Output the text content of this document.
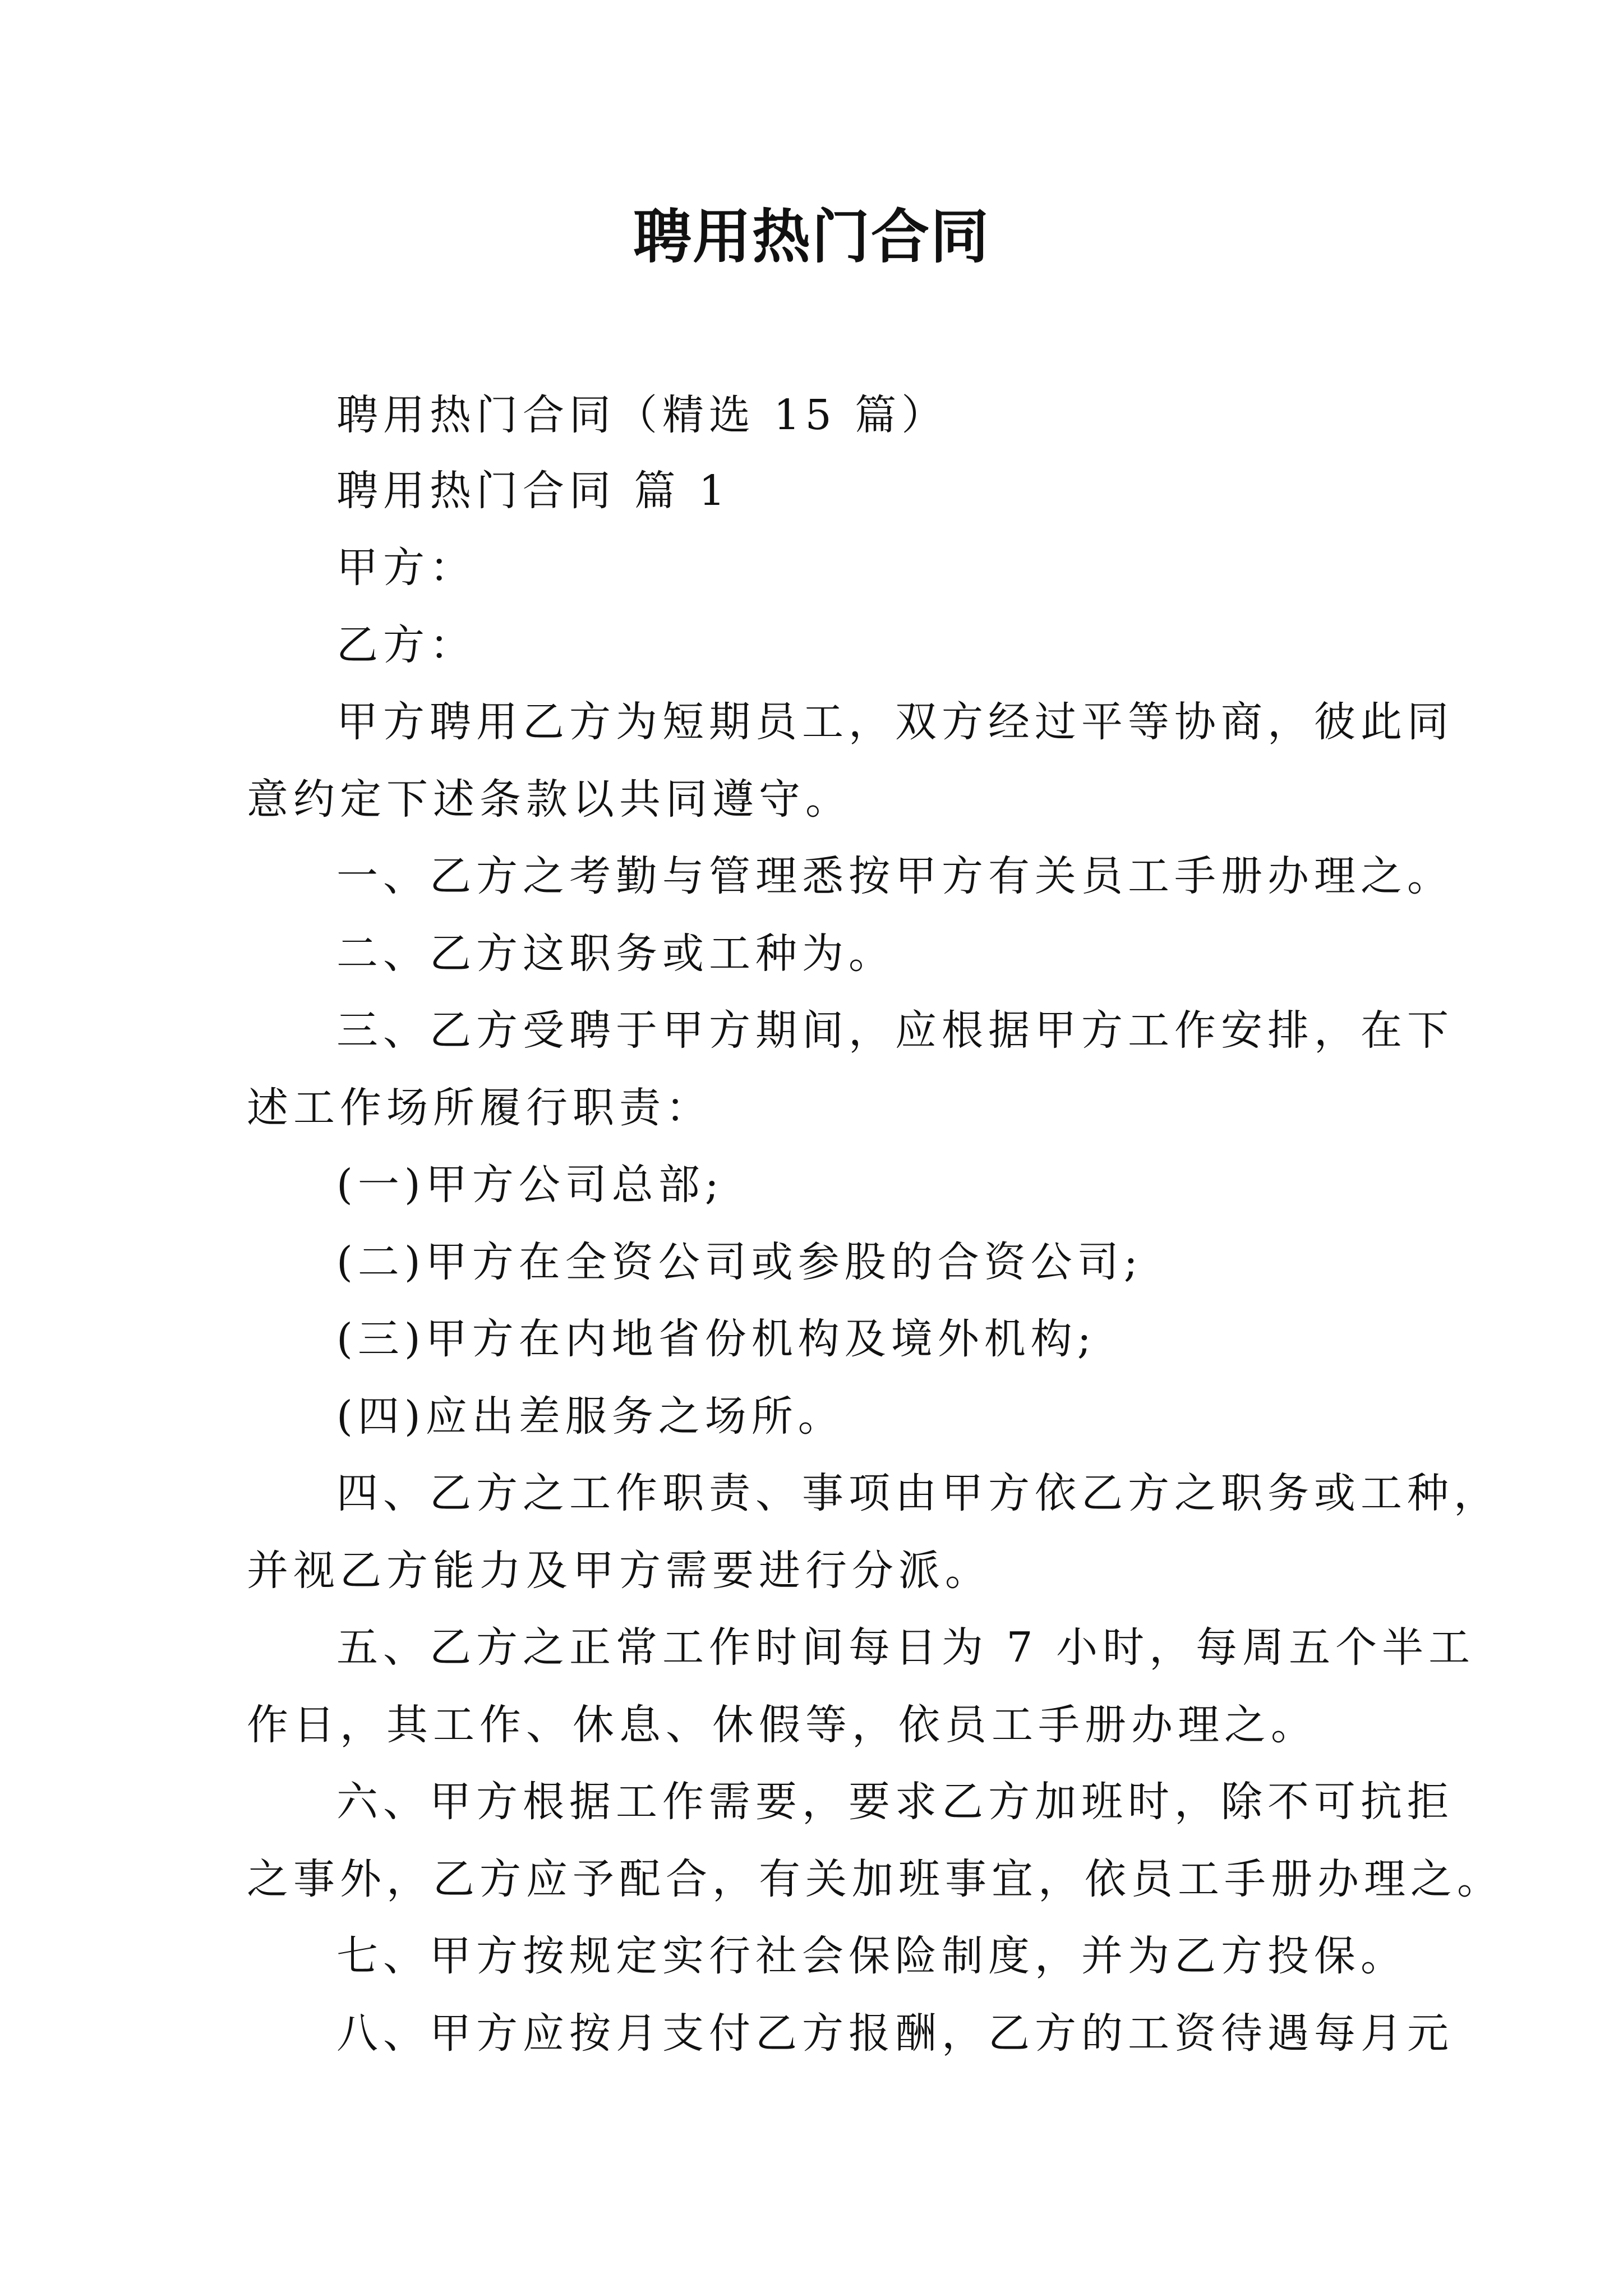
聘用热门合同
聘用热门合同（精选 15 篇）
聘用热门合同 篇 1
甲方：
乙方：
甲方聘用乙方为短期员工，双方经过平等协商，彼此同
意约定下述条款以共同遵守。
一、乙方之考勤与管理悉按甲方有关员工手册办理之。
二、乙方这职务或工种为。
三、乙方受聘于甲方期间，应根据甲方工作安排，在下
述工作场所履行职责：
(一)甲方公司总部;
(二)甲方在全资公司或参股的合资公司;
(三)甲方在内地省份机构及境外机构;
(四)应出差服务之场所。
四、乙方之工作职责、事项由甲方依乙方之职务或工种，
并视乙方能力及甲方需要进行分派。
五、乙方之正常工作时间每日为 7 小时，每周五个半工
作日，其工作、休息、休假等，依员工手册办理之。
六、甲方根据工作需要，要求乙方加班时，除不可抗拒
之事外，乙方应予配合，有关加班事宜，依员工手册办理之。
七、甲方按规定实行社会保险制度，并为乙方投保。
八、甲方应按月支付乙方报酬，乙方的工资待遇每月元
